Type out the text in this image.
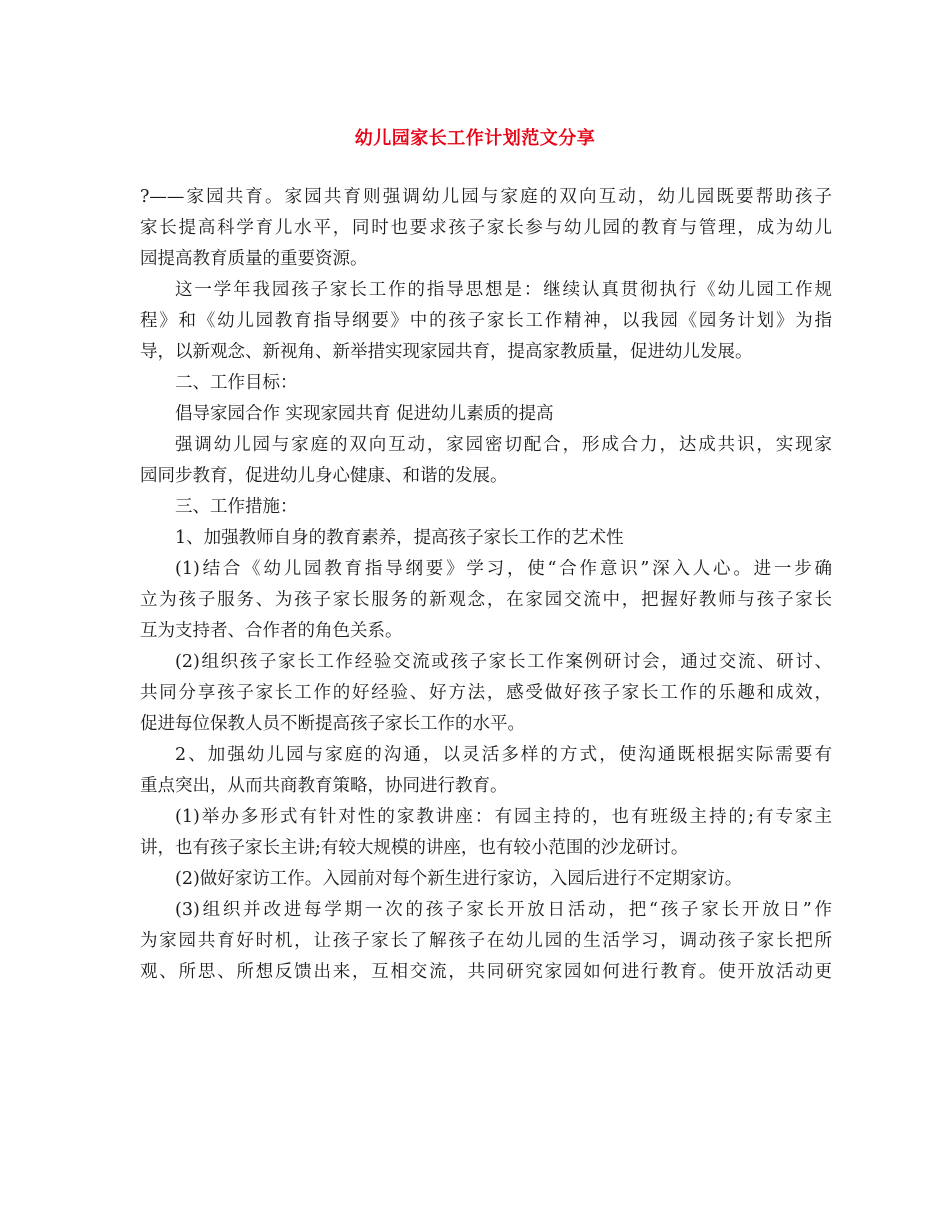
幼儿园家长工作计划范文分享
?——家园共育。家园共育则强调幼儿园与家庭的双向互动，幼儿园既要帮助孩子
家长提高科学育儿水平，同时也要求孩子家长参与幼儿园的教育与管理，成为幼儿
园提高教育质量的重要资源。
这一学年我园孩子家长工作的指导思想是：继续认真贯彻执行《幼儿园工作规
程》和《幼儿园教育指导纲要》中的孩子家长工作精神，以我园《园务计划》为指
导，以新观念、新视角、新举措实现家园共育，提高家教质量，促进幼儿发展。
二、工作目标：
倡导家园合作 实现家园共育 促进幼儿素质的提高
强调幼儿园与家庭的双向互动，家园密切配合，形成合力，达成共识，实现家
园同步教育，促进幼儿身心健康、和谐的发展。
三、工作措施：
1、加强教师自身的教育素养，提高孩子家长工作的艺术性
(1)结合《幼儿园教育指导纲要》学习，使“合作意识”深入人心。进一步确
立为孩子服务、为孩子家长服务的新观念，在家园交流中，把握好教师与孩子家长
互为支持者、合作者的角色关系。
(2)组织孩子家长工作经验交流或孩子家长工作案例研讨会，通过交流、研讨、
共同分享孩子家长工作的好经验、好方法，感受做好孩子家长工作的乐趣和成效，
促进每位保教人员不断提高孩子家长工作的水平。
2、加强幼儿园与家庭的沟通，以灵活多样的方式，使沟通既根据实际需要有
重点突出，从而共商教育策略，协同进行教育。
(1)举办多形式有针对性的家教讲座：有园主持的，也有班级主持的;有专家主
讲，也有孩子家长主讲;有较大规模的讲座，也有较小范围的沙龙研讨。
(2)做好家访工作。入园前对每个新生进行家访，入园后进行不定期家访。
(3)组织并改进每学期一次的孩子家长开放日活动，把“孩子家长开放日”作
为家园共育好时机，让孩子家长了解孩子在幼儿园的生活学习，调动孩子家长把所
观、所思、所想反馈出来，互相交流，共同研究家园如何进行教育。使开放活动更
